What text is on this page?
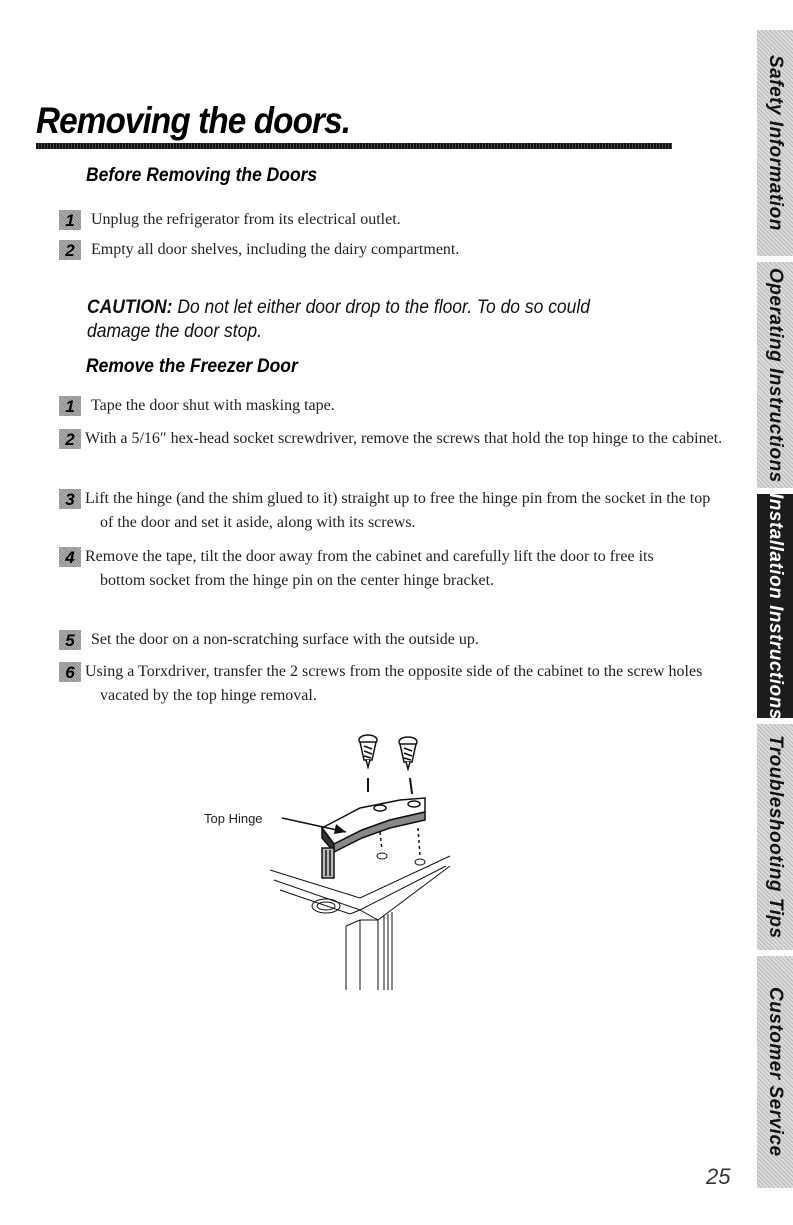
Removing the doors.
Before Removing the Doors
1	Unplug the refrigerator from its electrical outlet.
2	Empty all door shelves, including the dairy compartment.

CAUTION: Do not let either door drop to the floor. To do so could damage the door stop.

Remove the Freezer Door
1	Tape the door shut with masking tape.
2 With a 5/16″ hex-head socket screwdriver, remove the screws that hold the top hinge to the cabinet.
3 Lift the hinge (and the shim glued to it) straight up to free the hinge pin from the socket in the top of the door and set it aside, along with its screws.
4 Remove the tape, tilt the door away from the cabinet and carefully lift the door to free its bottom socket from the hinge pin on the center hinge bracket.
5	Set the door on a non-scratching surface with the outside up.
6 Using a Torxdriver, transfer the 2 screws from the opposite side of the cabinet to the screw holes vacated by the top hinge removal.
Top Hinge
Safety Information
Operating Instructions
Installation Instructions
Troubleshooting Tips
Customer Service
25
